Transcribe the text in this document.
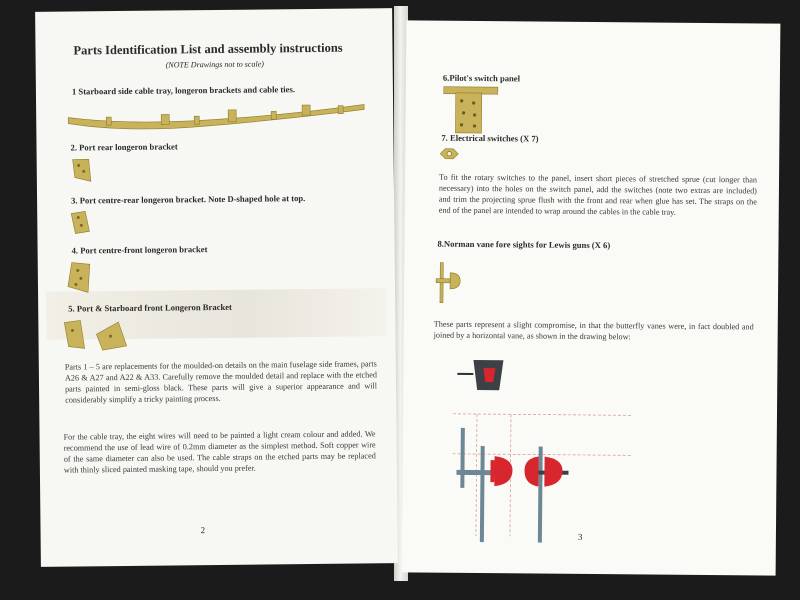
Parts Identification List and assembly instructions
(NOTE Drawings not to scale)
1 Starboard side cable tray, longeron brackets and cable ties.
2. Port rear longeron bracket
3. Port centre-rear longeron bracket. Note D-shaped hole at top.
4. Port centre-front longeron bracket
5. Port & Starboard front Longeron Bracket

Parts 1 – 5 are replacements for the moulded-on details on the main fuselage side frames, parts A26 & A27 and A22 & A33. Carefully remove the moulded detail and replace with the etched parts painted in semi-gloss black. These parts will give a superior appearance and will considerably simplify a tricky painting process.

For the cable tray, the eight wires will need to be painted a light cream colour and added. We recommend the use of lead wire of 0.2mm diameter as the simplest method. Soft copper wire of the same diameter can also be used. The cable straps on the etched parts may be replaced with thinly sliced painted masking tape, should you prefer.

2
6.Pilot's switch panel
7. Electrical switches (X 7)

To fit the rotary switches to the panel, insert short pieces of stretched sprue (cut longer than necessary) into the holes on the switch panel, add the switches (note two extras are included) and trim the projecting sprue flush with the front and rear when glue has set. The straps on the end of the panel are intended to wrap around the cables in the cable tray.

8.Norman vane fore sights for Lewis guns (X 6)

These parts represent a slight compromise, in that the butterfly vanes were, in fact doubled and joined by a horizontal vane, as shown in the drawing below:

3
